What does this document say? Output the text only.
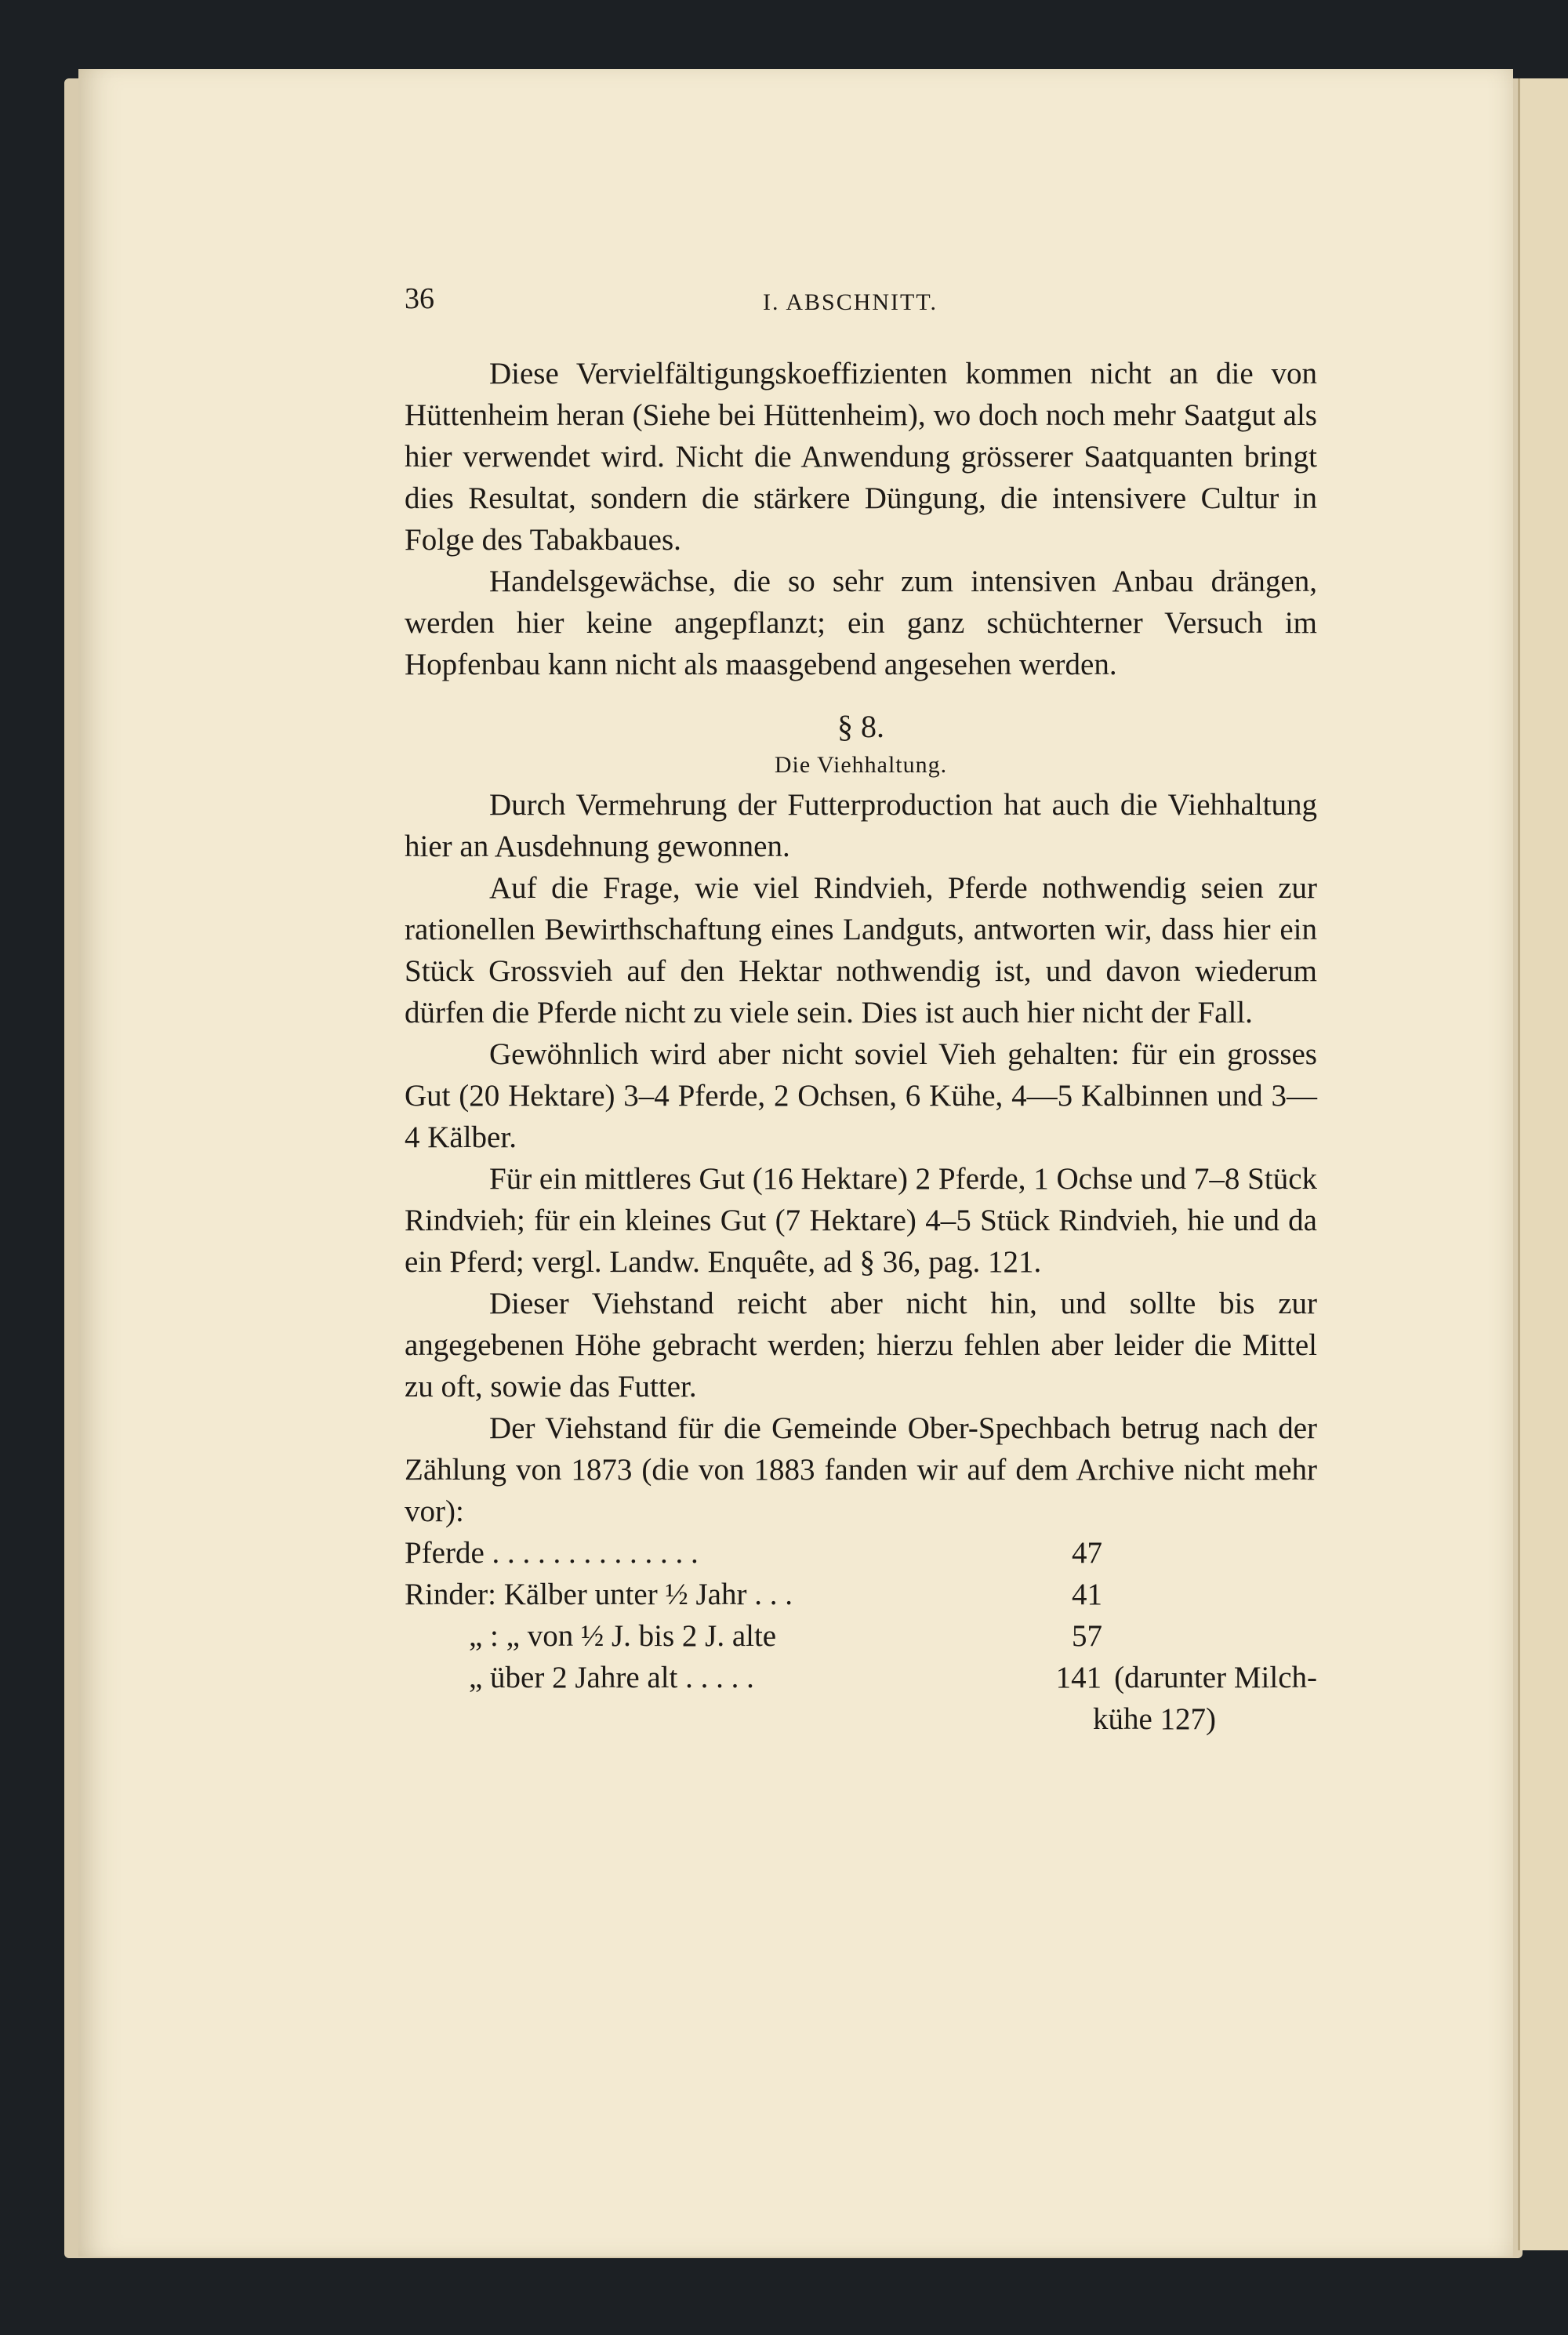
36	I. ABSCHNITT.

Diese Vervielfältigungskoeffizienten kommen nicht an die von Hüttenheim heran (Siehe bei Hüttenheim), wo doch noch mehr Saatgut als hier verwendet wird. Nicht die Anwendung grösserer Saatquanten bringt dies Resultat, sondern die stärkere Düngung, die intensivere Cultur in Folge des Tabakbaues.

Handelsgewächse, die so sehr zum intensiven Anbau drängen, werden hier keine angepflanzt; ein ganz schüchterner Versuch im Hopfenbau kann nicht als maasgebend angesehen werden.

§ 8.

Die Viehhaltung.

Durch Vermehrung der Futterproduction hat auch die Viehhaltung hier an Ausdehnung gewonnen.

Auf die Frage, wie viel Rindvieh, Pferde nothwendig seien zur rationellen Bewirthschaftung eines Landguts, antworten wir, dass hier ein Stück Grossvieh auf den Hektar nothwendig ist, und davon wiederum dürfen die Pferde nicht zu viele sein. Dies ist auch hier nicht der Fall.

Gewöhnlich wird aber nicht soviel Vieh gehalten: für ein grosses Gut (20 Hektare) 3–4 Pferde, 2 Ochsen, 6 Kühe, 4—5 Kalbinnen und 3—4 Kälber.

Für ein mittleres Gut (16 Hektare) 2 Pferde, 1 Ochse und 7–8 Stück Rindvieh; für ein kleines Gut (7 Hektare) 4–5 Stück Rindvieh, hie und da ein Pferd; vergl. Landw. Enquête, ad § 36, pag. 121.

Dieser Viehstand reicht aber nicht hin, und sollte bis zur angegebenen Höhe gebracht werden; hierzu fehlen aber leider die Mittel zu oft, sowie das Futter.

Der Viehstand für die Gemeinde Ober-Spechbach betrug nach der Zählung von 1873 (die von 1883 fanden wir auf dem Archive nicht mehr vor):

Pferde . . . . . . . . . . . . . .	47
Rinder: Kälber unter ½ Jahr . . .	41
„ : „ von ½ J. bis 2 J. alte	57
„ über 2 Jahre alt . . . . .	141 (darunter Milch-
kühe 127)
